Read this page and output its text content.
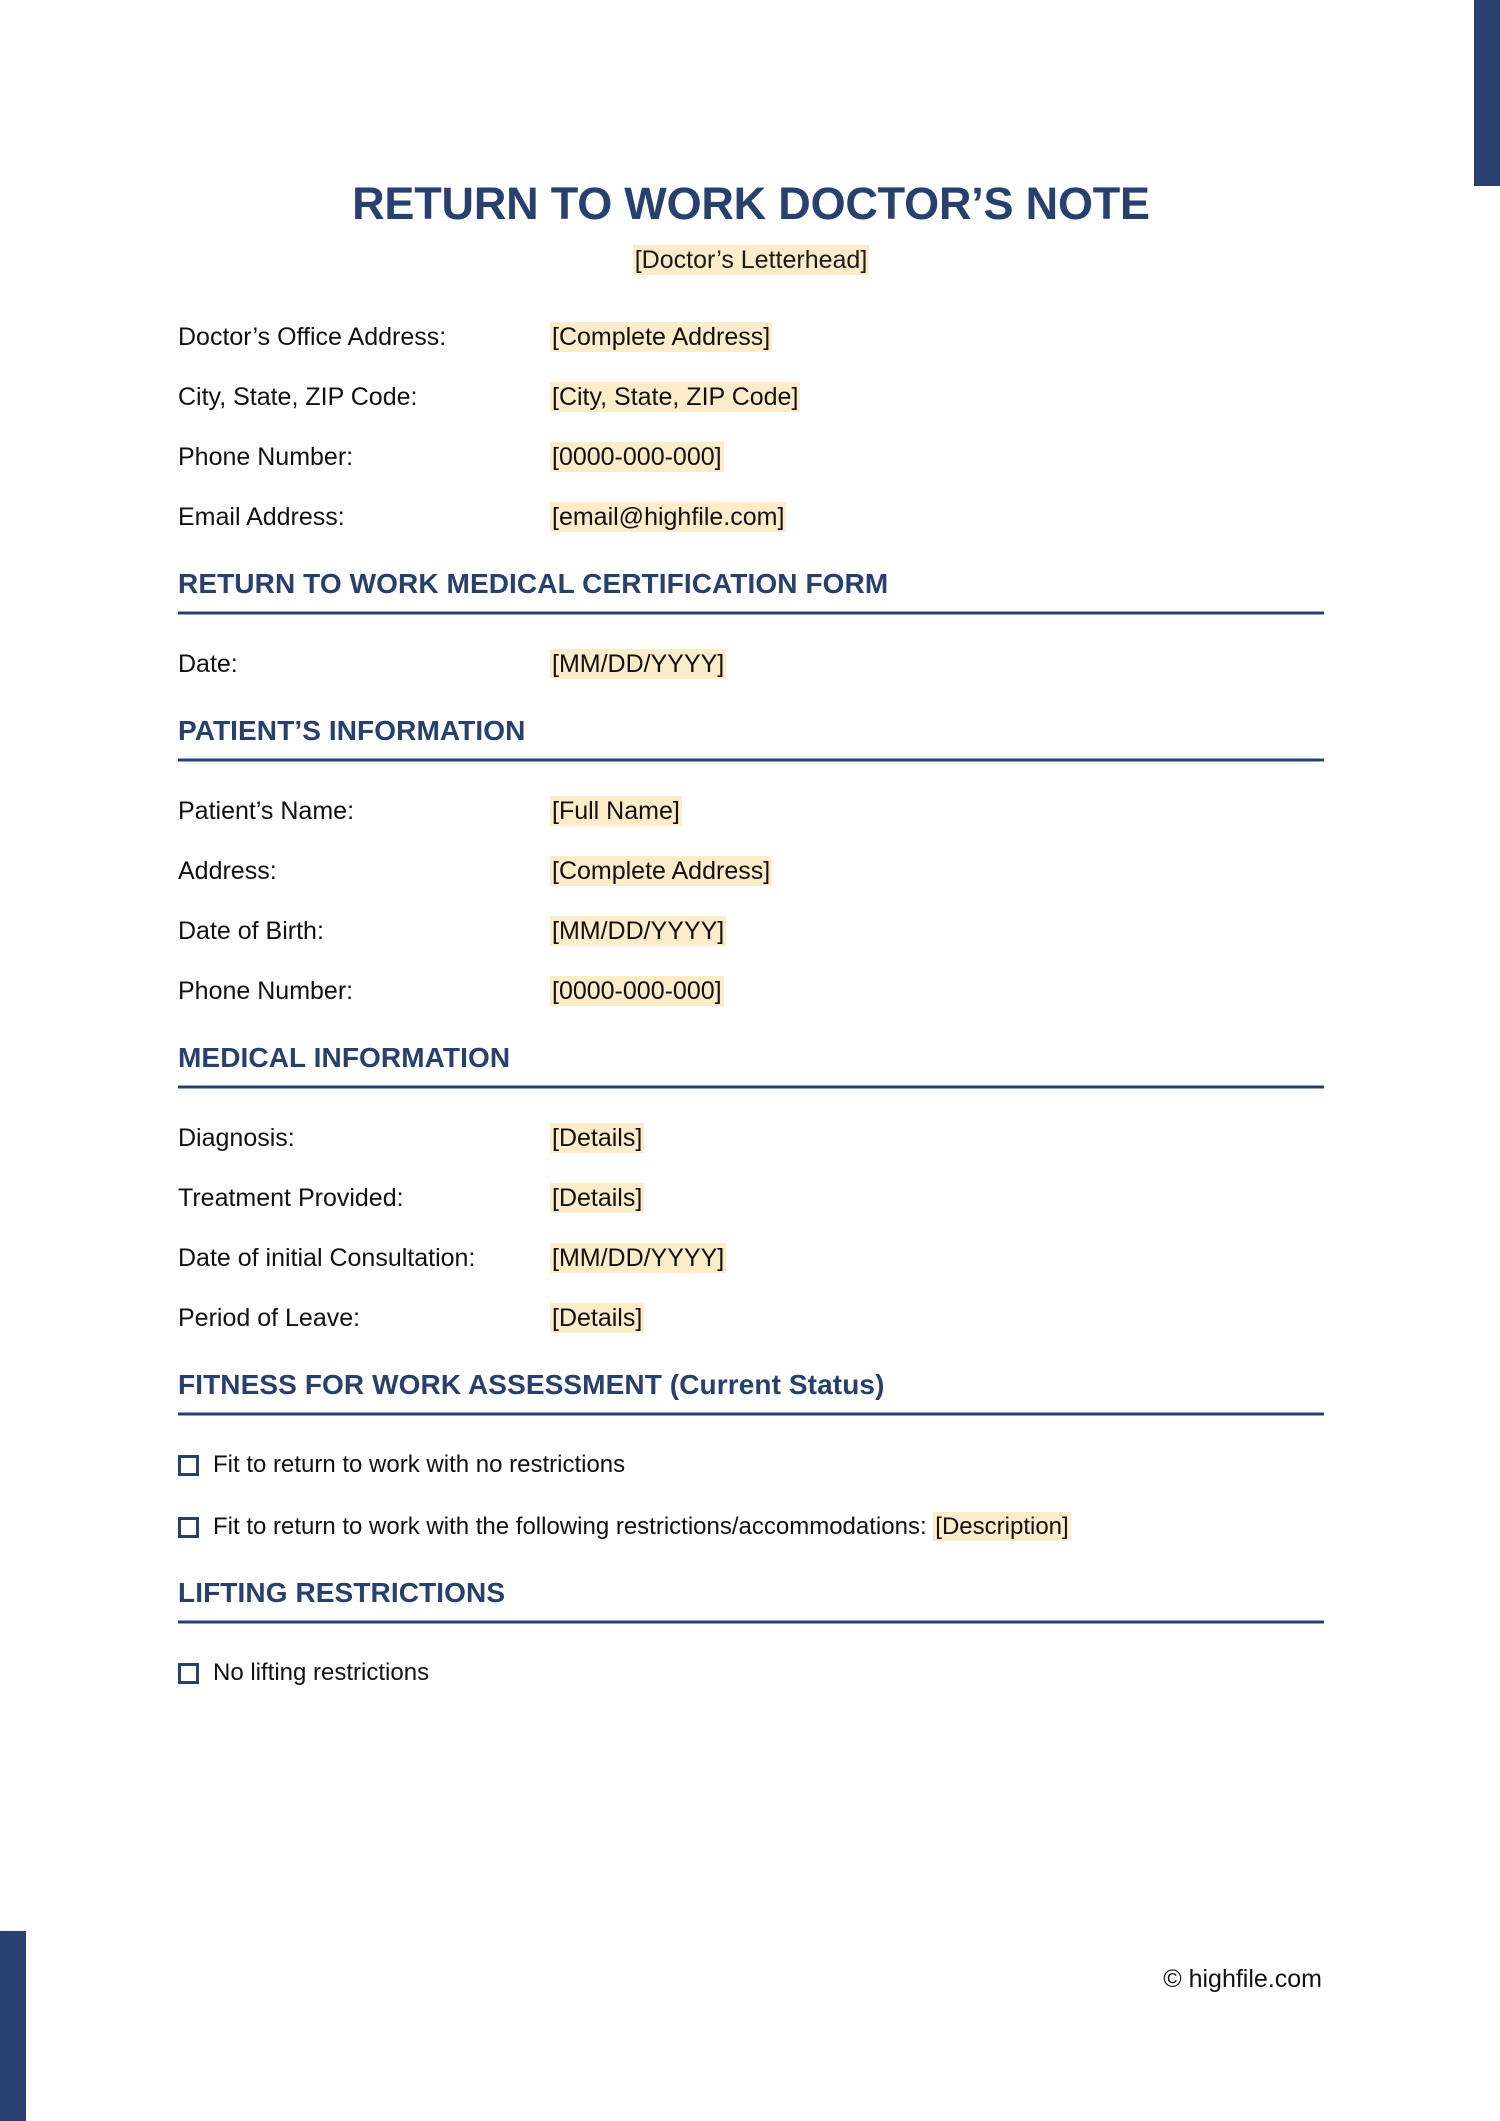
RETURN TO WORK DOCTOR’S NOTE
[Doctor’s Letterhead]
Doctor’s Office Address:	[Complete Address]
City, State, ZIP Code:	[City, State, ZIP Code]
Phone Number:	[0000-000-000]
Email Address:	[email@highfile.com]
RETURN TO WORK MEDICAL CERTIFICATION FORM
Date:	[MM/DD/YYYY]
PATIENT’S INFORMATION
Patient’s Name:	[Full Name]
Address:	[Complete Address]
Date of Birth:	[MM/DD/YYYY]
Phone Number:	[0000-000-000]
MEDICAL INFORMATION
Diagnosis:	[Details]
Treatment Provided:	[Details]
Date of initial Consultation:	[MM/DD/YYYY]
Period of Leave:	[Details]
FITNESS FOR WORK ASSESSMENT (Current Status)
Fit to return to work with no restrictions
Fit to return to work with the following restrictions/accommodations: [Description]
LIFTING RESTRICTIONS
No lifting restrictions
© highfile.com
